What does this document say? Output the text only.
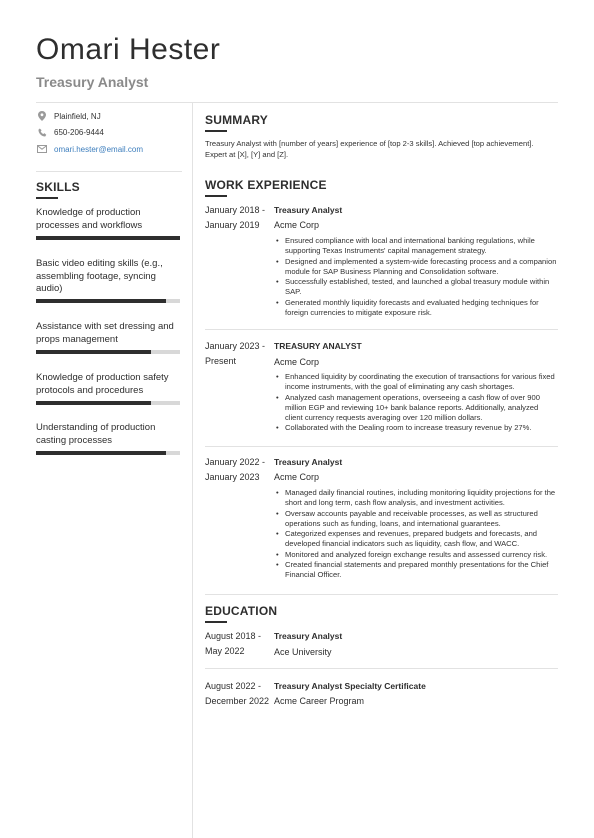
Omari Hester
Treasury Analyst
Plainfield, NJ
650-206-9444
omari.hester@email.com
SKILLS
Knowledge of production processes and workflows
Basic video editing skills (e.g., assembling footage, syncing audio)
Assistance with set dressing and props management
Knowledge of production safety protocols and procedures
Understanding of production casting processes
SUMMARY
Treasury Analyst with [number of years] experience of [top 2-3 skills]. Achieved [top achievement]. Expert at [X], [Y] and [Z].
WORK EXPERIENCE
January 2018 -
January 2019
Treasury Analyst
Acme Corp
• Ensured compliance with local and international banking regulations, while supporting Texas Instruments' capital management strategy.
• Designed and implemented a system-wide forecasting process and a companion module for SAP Business Planning and Consolidation software.
• Successfully established, tested, and launched a global treasury module within SAP.
• Generated monthly liquidity forecasts and evaluated hedging techniques for foreign currencies to mitigate exposure risk.
January 2023 -
Present
TREASURY ANALYST
Acme Corp
• Enhanced liquidity by coordinating the execution of transactions for various fixed income instruments, with the goal of eliminating any cash shortages.
• Analyzed cash management operations, overseeing a cash flow of over 900 million EGP and reviewing 10+ bank balance reports. Additionally, analyzed client currency requests averaging over 120 million dollars.
• Collaborated with the Dealing room to increase treasury revenue by 27%.
January 2022 -
January 2023
Treasury Analyst
Acme Corp
• Managed daily financial routines, including monitoring liquidity projections for the short and long term, cash flow analysis, and investment activities.
• Oversaw accounts payable and receivable processes, as well as structured operations such as funding, loans, and international guarantees.
• Categorized expenses and revenues, prepared budgets and forecasts, and developed financial indicators such as liquidity, cash flow, and WACC.
• Monitored and analyzed foreign exchange results and assessed currency risk.
• Created financial statements and prepared monthly presentations for the Chief Financial Officer.
EDUCATION
August 2018 -
May 2022
Treasury Analyst
Ace University
August 2022 -
December 2022
Treasury Analyst Specialty Certificate
Acme Career Program
